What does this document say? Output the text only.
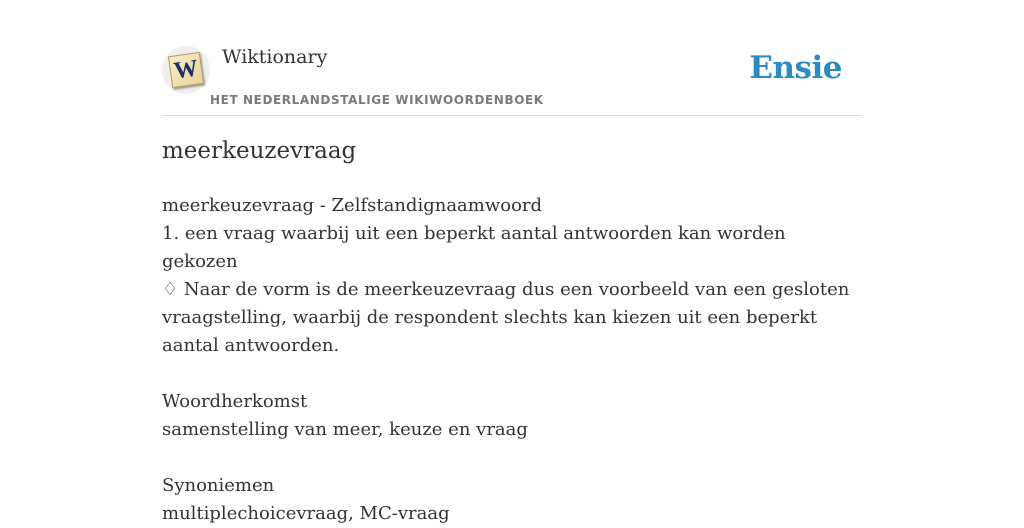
W Wiktionary
HET NEDERLANDSTALIGE WIKIWOORDENBOEK
Ensie
meerkeuzevraag
meerkeuzevraag - Zelfstandignaamwoord
1. een vraag waarbij uit een beperkt aantal antwoorden kan worden gekozen
♢ Naar de vorm is de meerkeuzevraag dus een voorbeeld van een gesloten vraagstelling, waarbij de respondent slechts kan kiezen uit een beperkt aantal antwoorden.
Woordherkomst
samenstelling van meer, keuze en vraag
Synoniemen
multiplechoicevraag, MC-vraag
